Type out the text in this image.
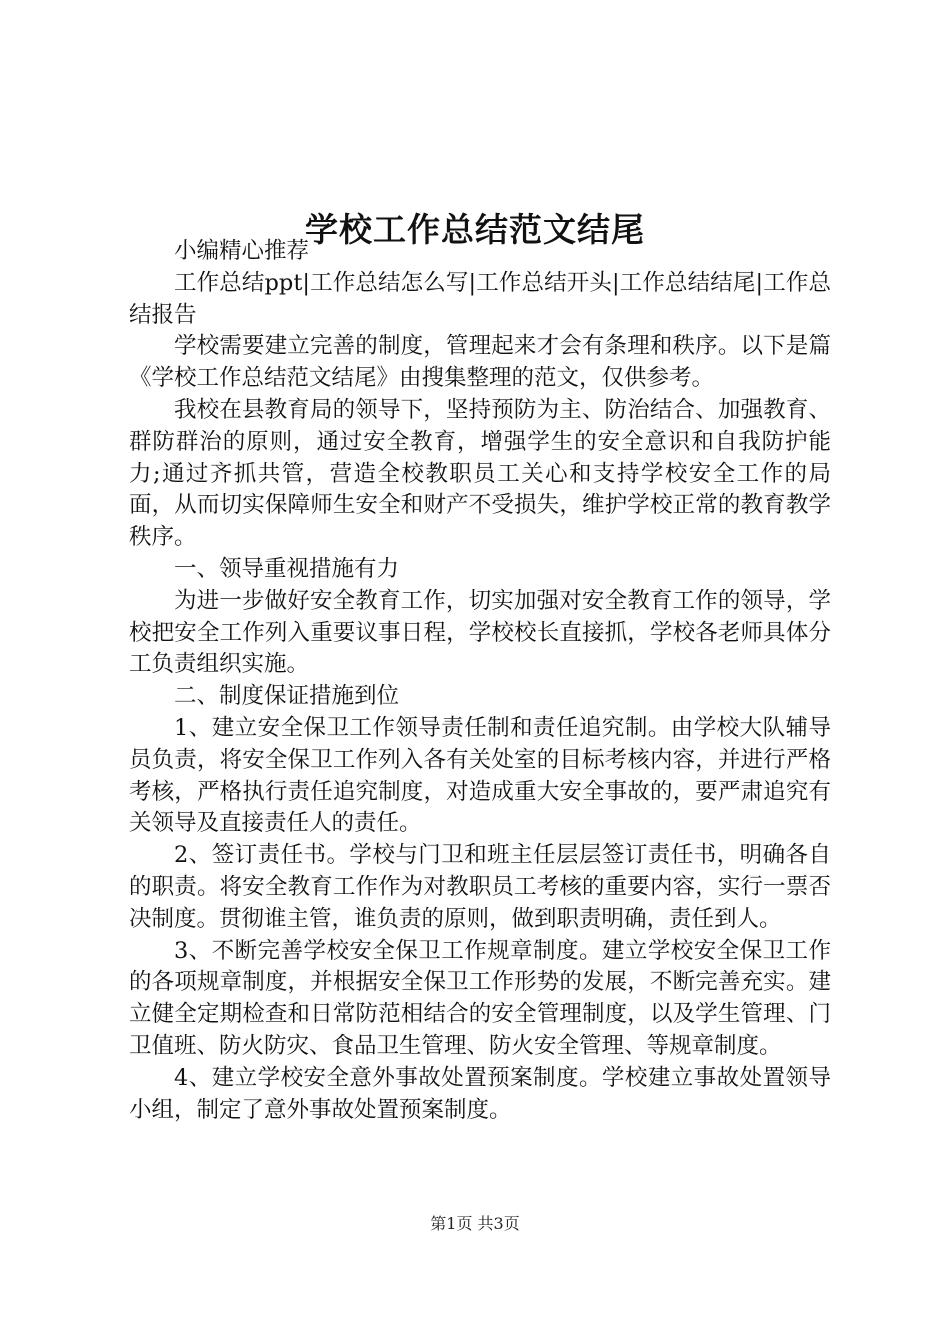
学校工作总结范文结尾

小编精心推荐

工作总结ppt|工作总结怎么写|工作总结开头|工作总结结尾|工作总结报告

学校需要建立完善的制度，管理起来才会有条理和秩序。以下是篇《学校工作总结范文结尾》由搜集整理的范文，仅供参考。

我校在县教育局的领导下，坚持预防为主、防治结合、加强教育、群防群治的原则，通过安全教育，增强学生的安全意识和自我防护能力;通过齐抓共管，营造全校教职员工关心和支持学校安全工作的局面，从而切实保障师生安全和财产不受损失，维护学校正常的教育教学秩序。

一、领导重视措施有力

为进一步做好安全教育工作，切实加强对安全教育工作的领导，学校把安全工作列入重要议事日程，学校校长直接抓，学校各老师具体分工负责组织实施。

二、制度保证措施到位

1、建立安全保卫工作领导责任制和责任追究制。由学校大队辅导员负责，将安全保卫工作列入各有关处室的目标考核内容，并进行严格考核，严格执行责任追究制度，对造成重大安全事故的，要严肃追究有关领导及直接责任人的责任。

2、签订责任书。学校与门卫和班主任层层签订责任书，明确各自的职责。将安全教育工作作为对教职员工考核的重要内容，实行一票否决制度。贯彻谁主管，谁负责的原则，做到职责明确，责任到人。

3、不断完善学校安全保卫工作规章制度。建立学校安全保卫工作的各项规章制度，并根据安全保卫工作形势的发展，不断完善充实。建立健全定期检查和日常防范相结合的安全管理制度，以及学生管理、门卫值班、防火防灾、食品卫生管理、防火安全管理、等规章制度。

4、建立学校安全意外事故处置预案制度。学校建立事故处置领导小组，制定了意外事故处置预案制度。

第1页 共3页
